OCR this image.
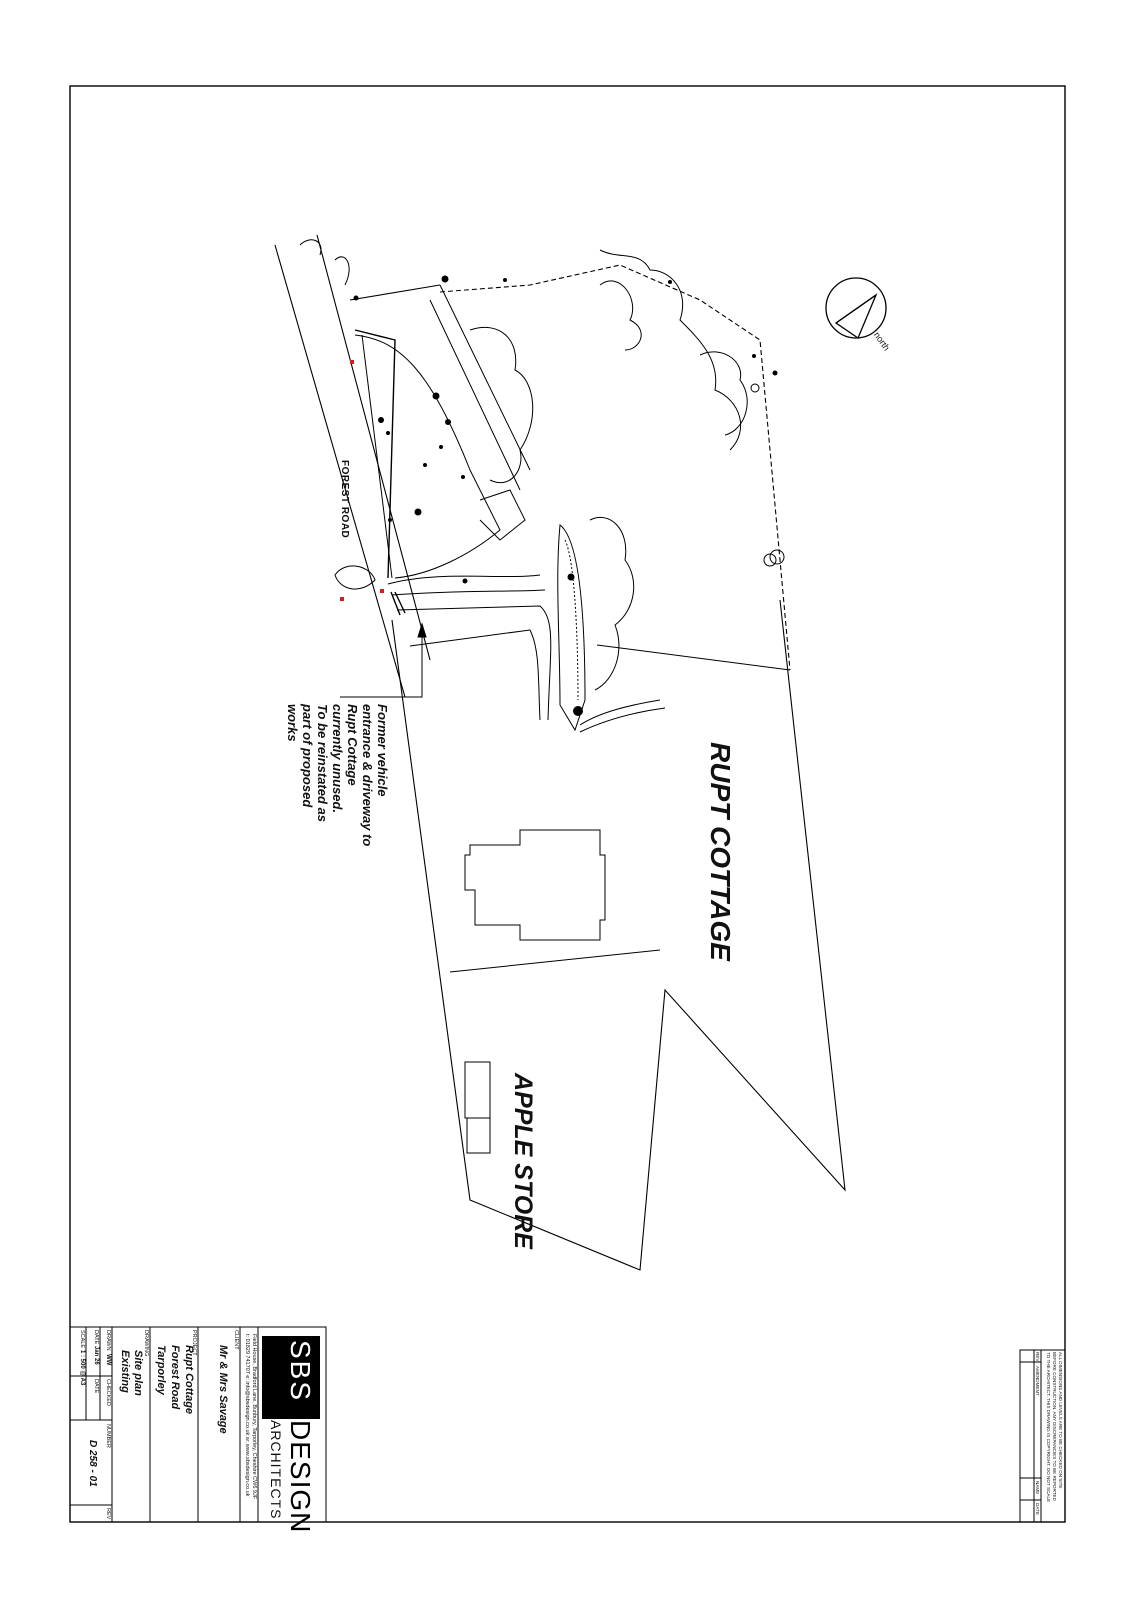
FOREST ROAD
RUPT COTTAGE
APPLE STORE
north
Former vehicle
entrance & driveway to
Rupt Cottage
currently unused.
To be reinstated as
part of proposed
works
SBS
DESIGN
ARCHITECTS
Field House, Bradford Lane, Bunbury, Tarporley, Cheshire CW6 9JF
t: 01829 741707 e: info@sbsdesign.co.uk w: www.sbsdesign.co.uk
CLIENT
Mr & Mrs Savage
PROJECT
Rupt Cottage
Forest Road
Tarporley
DRAWING
Site plan
Existing
DRAWN
WW
CHECKED
DATE
Jan 26
DATE
SCALE
1 : 500 @ A3
NUMBER
D 258 - 01
REV
ALL DIMENSIONS AND LEVELS ARE TO BE CHECKED ON SITE
BEFORE CONSTRUCTION. ANY DISCREPANCIES TO BE REPORTED
TO THE ARCHITECT. THIS DRAWING IS COPYRIGHT. DO NOT SCALE
REV
AMENDMENT
NAME
DATE
